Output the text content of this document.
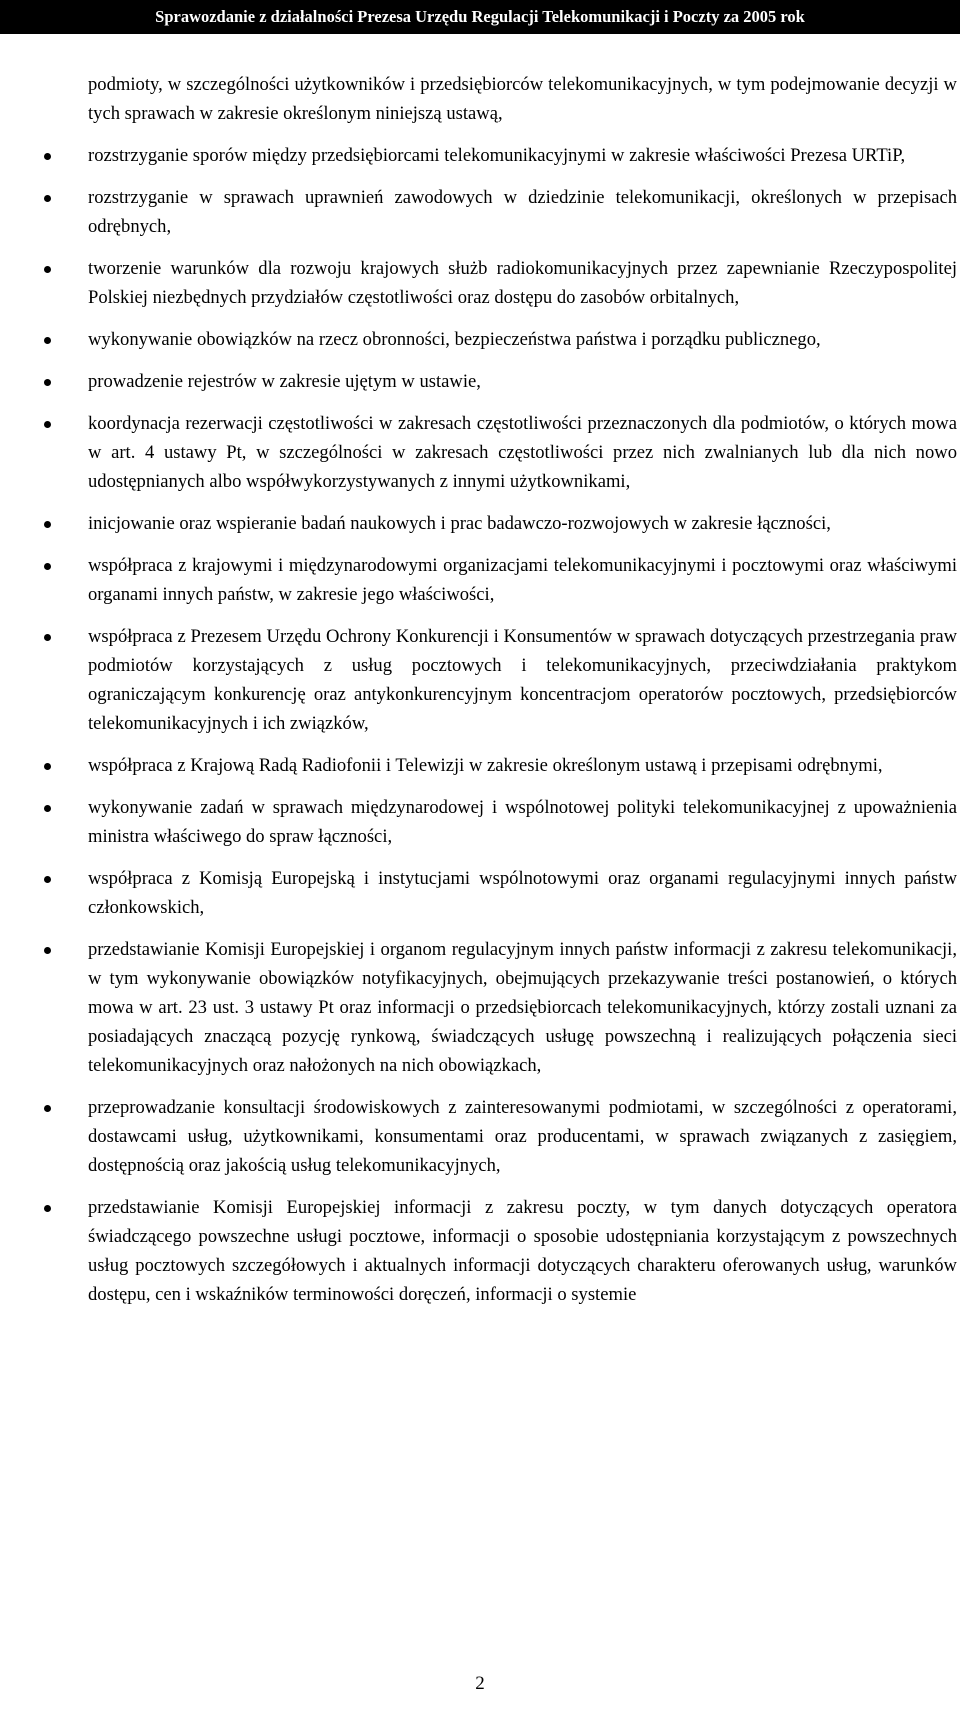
Sprawozdanie z działalności Prezesa Urzędu Regulacji Telekomunikacji i Poczty za 2005 rok
podmioty, w szczególności użytkowników i przedsiębiorców telekomunikacyjnych, w tym podejmowanie decyzji w tych sprawach w zakresie określonym niniejszą ustawą,
rozstrzyganie sporów między przedsiębiorcami telekomunikacyjnymi w zakresie właściwości Prezesa URTiP,
rozstrzyganie w sprawach uprawnień zawodowych w dziedzinie telekomunikacji, określonych w przepisach odrębnych,
tworzenie warunków dla rozwoju krajowych służb radiokomunikacyjnych przez zapewnianie Rzeczypospolitej Polskiej niezbędnych przydziałów częstotliwości oraz dostępu do zasobów orbitalnych,
wykonywanie obowiązków na rzecz obronności, bezpieczeństwa państwa i porządku publicznego,
prowadzenie rejestrów w zakresie ujętym w ustawie,
koordynacja rezerwacji częstotliwości w zakresach częstotliwości przeznaczonych dla podmiotów, o których mowa w art. 4 ustawy Pt, w szczególności w zakresach częstotliwości przez nich zwalnianych lub dla nich nowo udostępnianych albo współwykorzystywanych z innymi użytkownikami,
inicjowanie oraz wspieranie badań naukowych i prac badawczo-rozwojowych w zakresie łączności,
współpraca z krajowymi i międzynarodowymi organizacjami telekomunikacyjnymi i pocztowymi oraz właściwymi organami innych państw, w zakresie jego właściwości,
współpraca z Prezesem Urzędu Ochrony Konkurencji i Konsumentów w sprawach dotyczących przestrzegania praw podmiotów korzystających z usług pocztowych i telekomunikacyjnych, przeciwdziałania praktykom ograniczającym konkurencję oraz antykonkurencyjnym koncentracjom operatorów pocztowych, przedsiębiorców telekomunikacyjnych i ich związków,
współpraca z Krajową Radą Radiofonii i Telewizji w zakresie określonym ustawą i przepisami odrębnymi,
wykonywanie zadań w sprawach międzynarodowej i wspólnotowej polityki telekomunikacyjnej z upoważnienia ministra właściwego do spraw łączności,
współpraca z Komisją Europejską i instytucjami wspólnotowymi oraz organami regulacyjnymi innych państw członkowskich,
przedstawianie Komisji Europejskiej i organom regulacyjnym innych państw informacji z zakresu telekomunikacji, w tym wykonywanie obowiązków notyfikacyjnych, obejmujących przekazywanie treści postanowień, o których mowa w art. 23 ust. 3 ustawy Pt oraz informacji o przedsiębiorcach telekomunikacyjnych, którzy zostali uznani za posiadających znaczącą pozycję rynkową, świadczących usługę powszechną i realizujących połączenia sieci telekomunikacyjnych oraz nałożonych na nich obowiązkach,
przeprowadzanie konsultacji środowiskowych z zainteresowanymi podmiotami, w szczególności z operatorami, dostawcami usług, użytkownikami, konsumentami oraz producentami, w sprawach związanych z zasięgiem, dostępnością oraz jakością usług telekomunikacyjnych,
przedstawianie Komisji Europejskiej informacji z zakresu poczty, w tym danych dotyczących operatora świadczącego powszechne usługi pocztowe, informacji o sposobie udostępniania korzystającym z powszechnych usług pocztowych szczegółowych i aktualnych informacji dotyczących charakteru oferowanych usług, warunków dostępu, cen i wskaźników terminowości doręczeń, informacji o systemie
2
